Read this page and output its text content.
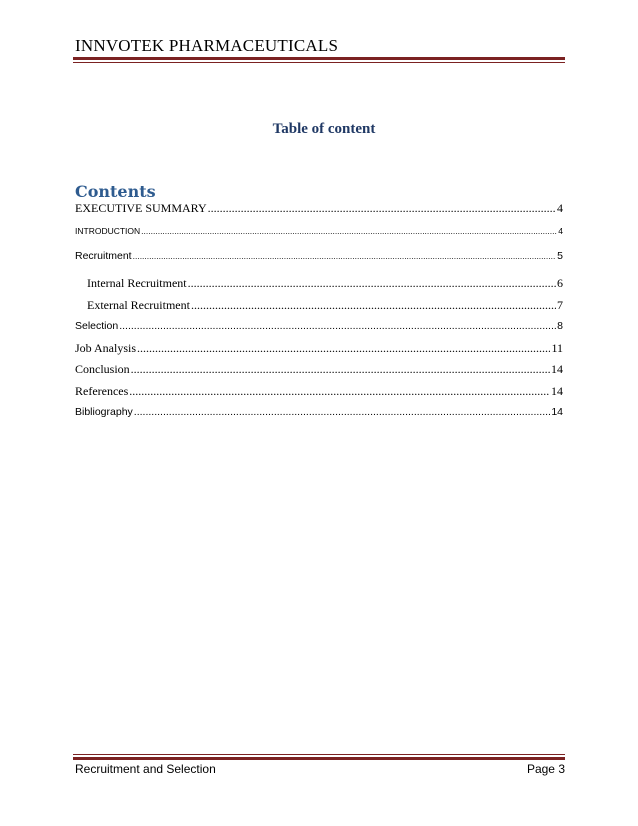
INNVOTEK PHARMACEUTICALS
Table of content
Contents
EXECUTIVE SUMMARY .....	4
INTRODUCTION .....	4
Recruitment .....	5
Internal Recruitment .....	6
External Recruitment .....	7
Selection .....	8
Job Analysis .....	11
Conclusion .....	14
References .....	14
Bibliography .....	14
Recruitment and Selection	Page 3
